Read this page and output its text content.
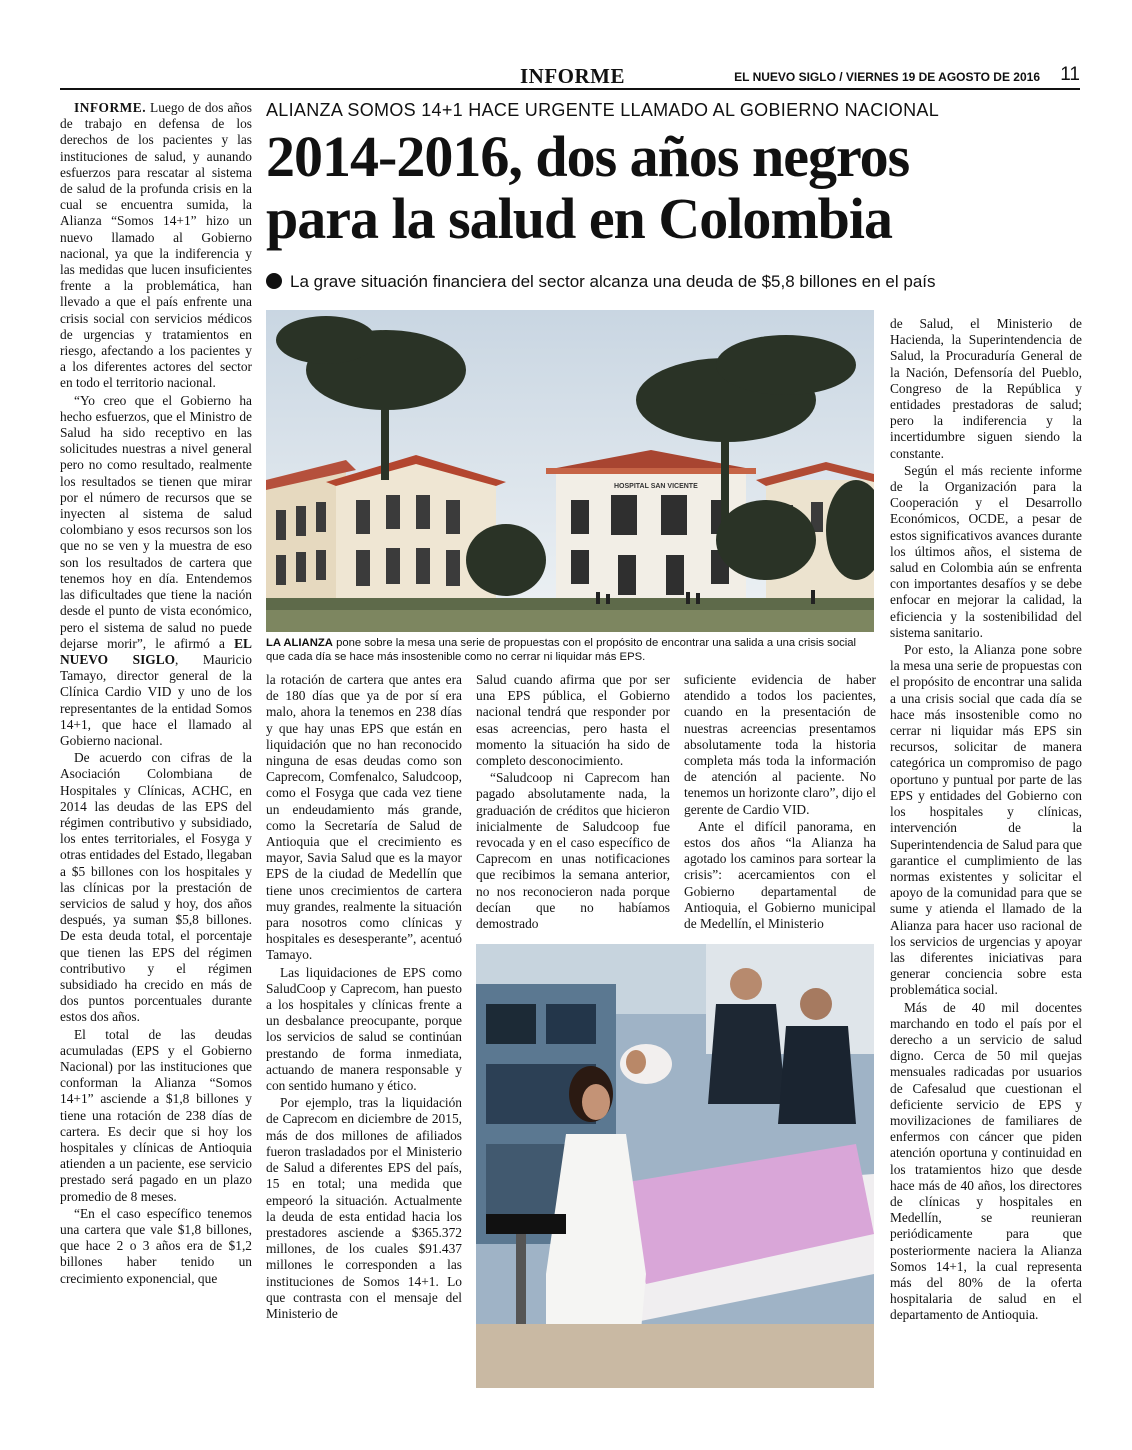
INFORME	EL NUEVO SIGLO / VIERNES 19 DE AGOSTO DE 2016 11
ALIANZA SOMOS 14+1 HACE URGENTE LLAMADO AL GOBIERNO NACIONAL
2014-2016, dos años negros
para la salud en Colombia
La grave situación financiera del sector alcanza una deuda de $5,8 billones en el país

INFORME. Luego de dos años de trabajo en defensa de los derechos de los pacientes y las instituciones de salud, y aunando esfuerzos para rescatar al sistema de salud de la profunda crisis en la cual se encuentra sumida, la Alianza “Somos 14+1” hizo un nuevo llamado al Gobierno nacional, ya que la indiferencia y las medidas que lucen insuficientes frente a la problemática, han llevado a que el país enfrente una crisis social con servicios médicos de urgencias y tratamientos en riesgo, afectando a los pacientes y a los diferentes actores del sector en todo el territorio nacional.

“Yo creo que el Gobierno ha hecho esfuerzos, que el Ministro de Salud ha sido receptivo en las solicitudes nuestras a nivel general pero no como resultado, realmente los resultados se tienen que mirar por el número de recursos que se inyecten al sistema de salud colombiano y esos recursos son los que no se ven y la muestra de eso son los resultados de cartera que tenemos hoy en día. Entendemos las dificultades que tiene la nación desde el punto de vista económico, pero el sistema de salud no puede dejarse morir”, le afirmó a EL NUEVO SIGLO, Mauricio Tamayo, director general de la Clínica Cardio VID y uno de los representantes de la entidad Somos 14+1, que hace el llamado al Gobierno nacional.

De acuerdo con cifras de la Asociación Colombiana de Hospitales y Clínicas, ACHC, en 2014 las deudas de las EPS del régimen contributivo y subsidiado, los entes territoriales, el Fosyga y otras entidades del Estado, llegaban a $5 billones con los hospitales y las clínicas por la prestación de servicios de salud y hoy, dos años después, ya suman $5,8 billones. De esta deuda total, el porcentaje que tienen las EPS del régimen contributivo y el régimen subsidiado ha crecido en más de dos puntos porcentuales durante estos dos años.

El total de las deudas acumuladas (EPS y el Gobierno Nacional) por las instituciones que conforman la Alianza “Somos 14+1” asciende a $1,8 billones y tiene una rotación de 238 días de cartera. Es decir que si hoy los hospitales y clínicas de Antioquia atienden a un paciente, ese servicio prestado será pagado en un plazo promedio de 8 meses.

“En el caso específico tenemos una cartera que vale $1,8 billones, que hace 2 o 3 años era de $1,2 billones haber tenido un crecimiento exponencial, que

HOSPITAL SAN VICENTE
LA ALIANZA pone sobre la mesa una serie de propuestas con el propósito de encontrar una salida a una crisis social que cada día se hace más insostenible como no cerrar ni liquidar más EPS.

la rotación de cartera que antes era de 180 días que ya de por sí era malo, ahora la tenemos en 238 días y que hay unas EPS que están en liquidación que no han reconocido ninguna de esas deudas como son Caprecom, Comfenalco, Saludcoop, como el Fosyga que cada vez tiene un endeudamiento más grande, como la Secretaría de Salud de Antioquia que el crecimiento es mayor, Savia Salud que es la mayor EPS de la ciudad de Medellín que tiene unos crecimientos de cartera muy grandes, realmente la situación para nosotros como clínicas y hospitales es desesperante”, acentuó Tamayo.

Las liquidaciones de EPS como SaludCoop y Caprecom, han puesto a los hospitales y clínicas frente a un desbalance preocupante, porque los servicios de salud se continúan prestando de forma inmediata, actuando de manera responsable y con sentido humano y ético.

Por ejemplo, tras la liquidación de Caprecom en diciembre de 2015, más de dos millones de afiliados fueron trasladados por el Ministerio de Salud a diferentes EPS del país, 15 en total; una medida que empeoró la situación. Actualmente la deuda de esta entidad hacia los prestadores asciende a $365.372 millones, de los cuales $91.437 millones le corresponden a las instituciones de Somos 14+1. Lo que contrasta con el mensaje del Ministerio de

Salud cuando afirma que por ser una EPS pública, el Gobierno nacional tendrá que responder por esas acreencias, pero hasta el momento la situación ha sido de completo desconocimiento.

“Saludcoop ni Caprecom han pagado absolutamente nada, la graduación de créditos que hicieron inicialmente de Saludcoop fue revocada y en el caso específico de Caprecom en unas notificaciones que recibimos la semana anterior, no nos reconocieron nada porque decían que no habíamos demostrado

suficiente evidencia de haber atendido a todos los pacientes, cuando en la presentación de nuestras acreencias presentamos absolutamente toda la historia completa más toda la información de atención al paciente. No tenemos un horizonte claro”, dijo el gerente de Cardio VID.

Ante el difícil panorama, en estos dos años “la Alianza ha agotado los caminos para sortear la crisis”: acercamientos con el Gobierno departamental de Antioquia, el Gobierno municipal de Medellín, el Ministerio

de Salud, el Ministerio de Hacienda, la Superintendencia de Salud, la Procuraduría General de la Nación, Defensoría del Pueblo, Congreso de la República y entidades prestadoras de salud; pero la indiferencia y la incertidumbre siguen siendo la constante.

Según el más reciente informe de la Organización para la Cooperación y el Desarrollo Económicos, OCDE, a pesar de estos significativos avances durante los últimos años, el sistema de salud en Colombia aún se enfrenta con importantes desafíos y se debe enfocar en mejorar la calidad, la eficiencia y la sostenibilidad del sistema sanitario.

Por esto, la Alianza pone sobre la mesa una serie de propuestas con el propósito de encontrar una salida a una crisis social que cada día se hace más insostenible como no cerrar ni liquidar más EPS sin recursos, solicitar de manera categórica un compromiso de pago oportuno y puntual por parte de las EPS y entidades del Gobierno con los hospitales y clínicas, intervención de la Superintendencia de Salud para que garantice el cumplimiento de las normas existentes y solicitar el apoyo de la comunidad para que se sume y atienda el llamado de la Alianza para hacer uso racional de los servicios de urgencias y apoyar las diferentes iniciativas para generar conciencia sobre esta problemática social.

Más de 40 mil docentes marchando en todo el país por el derecho a un servicio de salud digno. Cerca de 50 mil quejas mensuales radicadas por usuarios de Cafesalud que cuestionan el deficiente servicio de EPS y movilizaciones de familiares de enfermos con cáncer que piden atención oportuna y continuidad en los tratamientos hizo que desde hace más de 40 años, los directores de clínicas y hospitales en Medellín, se reunieran periódicamente para que posteriormente naciera la Alianza Somos 14+1, la cual representa más del 80% de la oferta hospitalaria de salud en el departamento de Antioquia.
